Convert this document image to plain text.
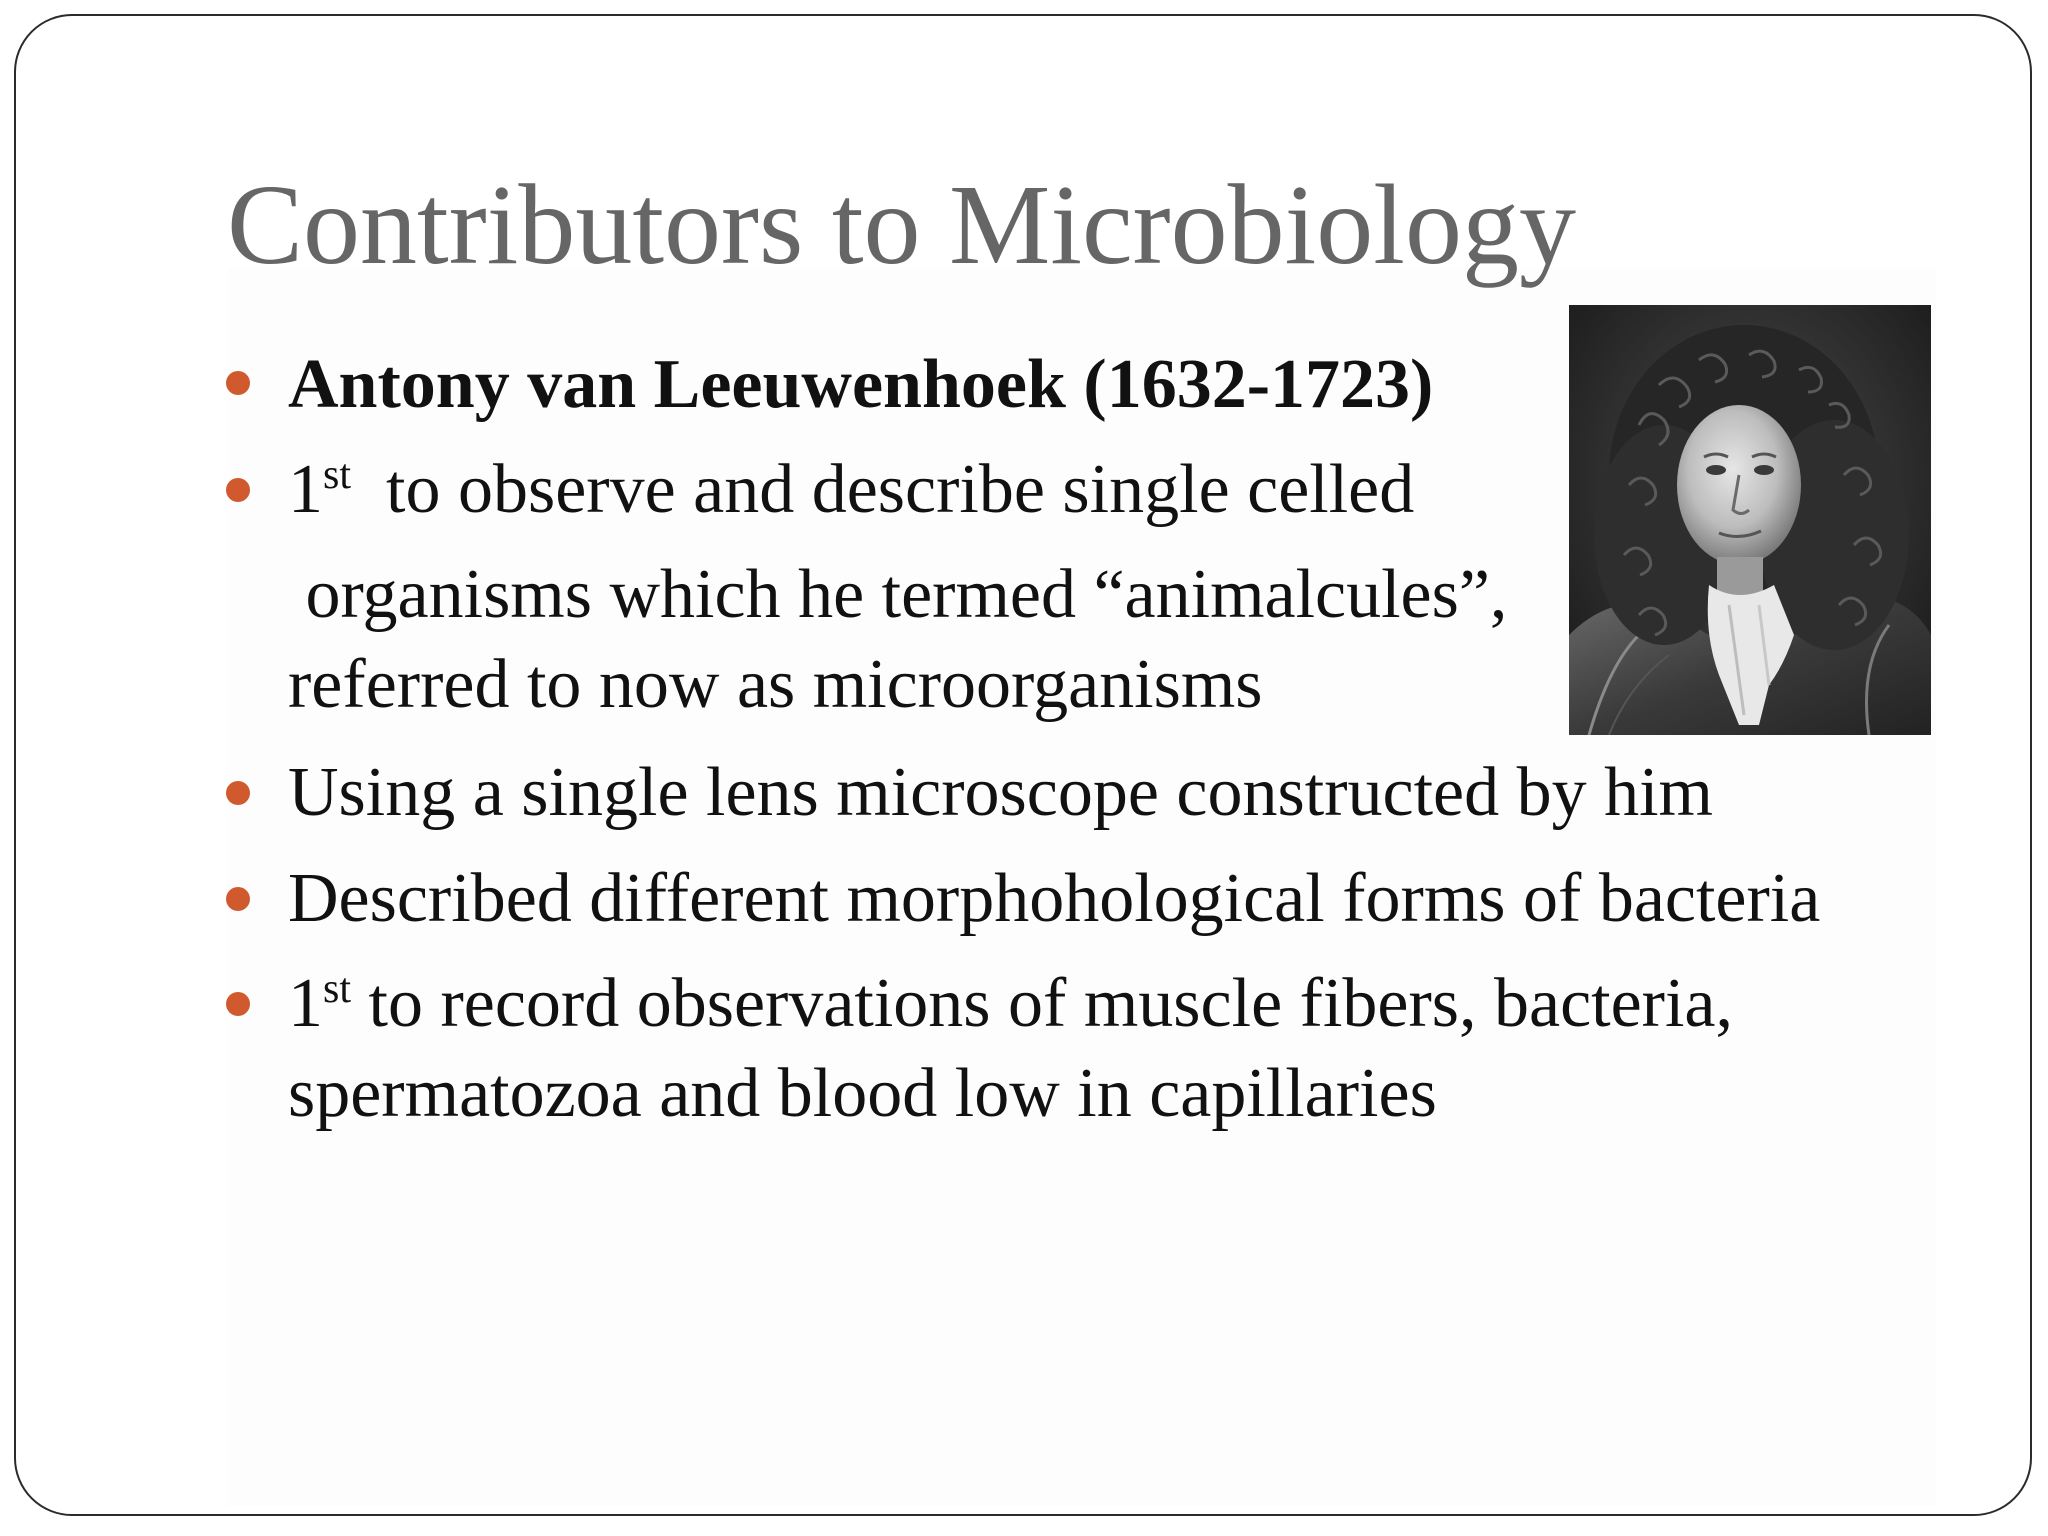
Contributors to Microbiology
Antony van Leeuwenhoek (1632-1723)
1st  to observe and describe single celled
organisms which he termed “animalcules”,
referred to now as microorganisms
Using a single lens microscope constructed by him
Described different morphohological forms of bacteria
1st to record observations of muscle fibers, bacteria,
spermatozoa and blood low in capillaries
